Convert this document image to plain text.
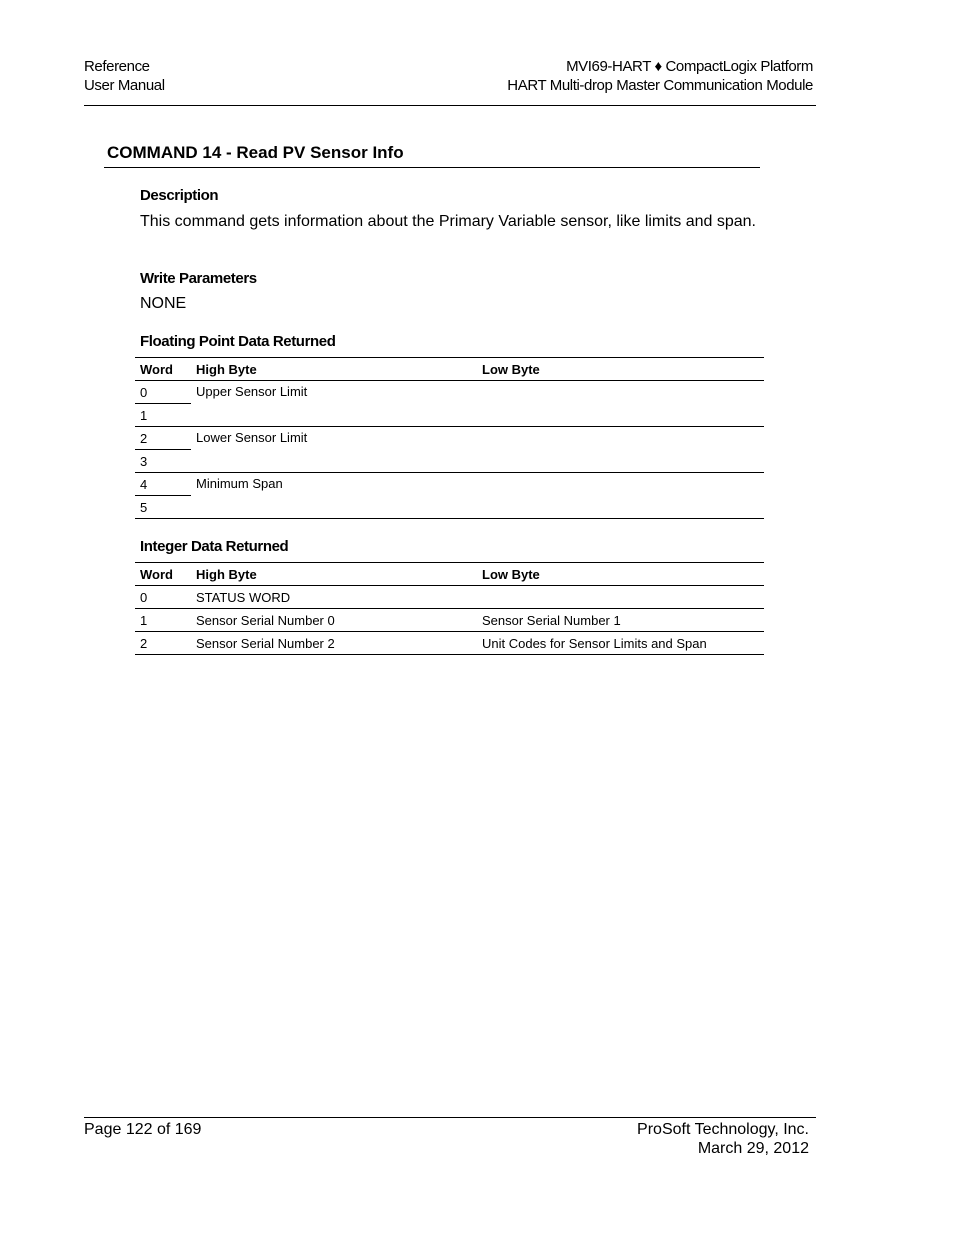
Reference
User Manual
MVI69-HART ♦ CompactLogix Platform
HART Multi-drop Master Communication Module
COMMAND 14 - Read PV Sensor Info
Description
This command gets information about the Primary Variable sensor, like limits and span.
Write Parameters
NONE
Floating Point Data Returned
Word	High Byte	Low Byte
0	Upper Sensor Limit	
1		
2	Lower Sensor Limit	
3		
4	Minimum Span	
5		
Integer Data Returned
Word	High Byte	Low Byte
0	STATUS WORD	
1	Sensor Serial Number 0	Sensor Serial Number 1
2	Sensor Serial Number 2	Unit Codes for Sensor Limits and Span
Page 122 of 169	ProSoft Technology, Inc.
March 29, 2012
